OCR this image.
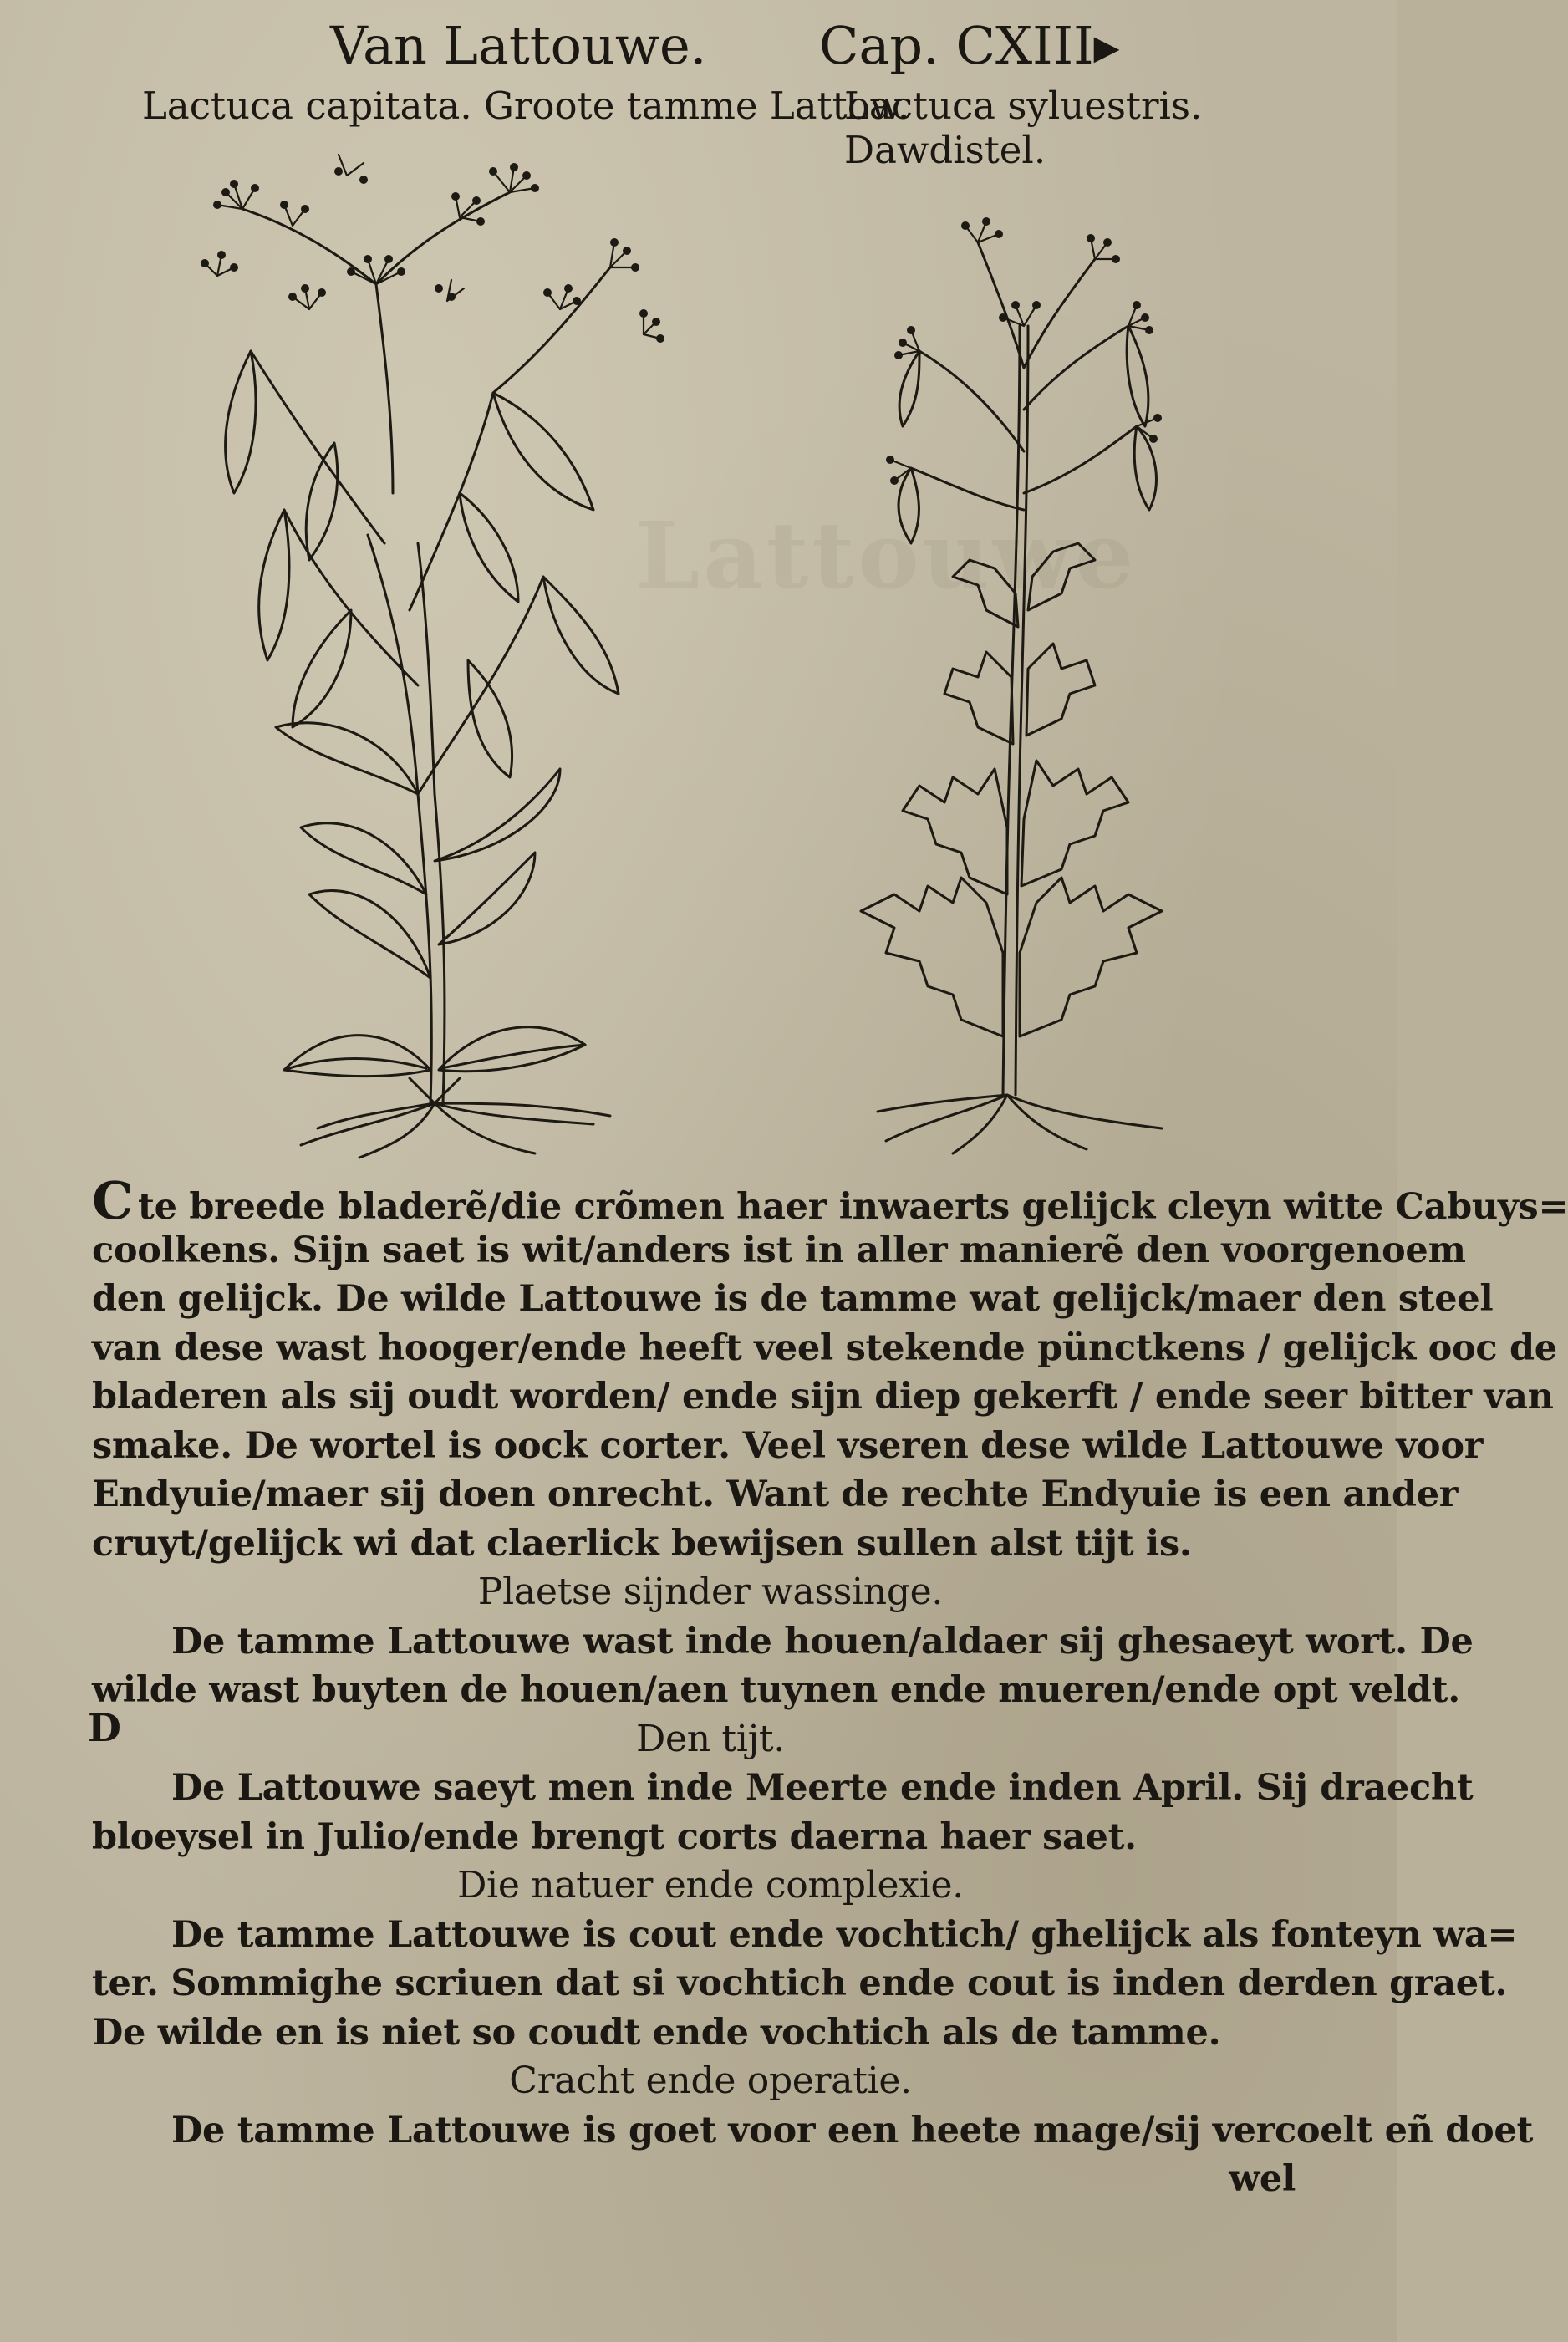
Lattouwe
Van Lattouwe. Cap. CXIII▸
Lactuca capitata. Groote tamme Lattow.
Lactuca syluestris. Dawdistel.
C te breede bladerẽ/die crõmen haer inwaerts gelijck cleyn witte Cabuys=
coolkens. Sijn saet is wit/anders ist in aller manierẽ den voorgenoem
den gelijck. De wilde Lattouwe is de tamme wat gelijck/maer den steel
van dese wast hooger/ende heeft veel stekende pünctkens / gelijck ooc de
bladeren als sij oudt worden/ ende sijn diep gekerft / ende seer bitter van
smake. De wortel is oock corter. Veel vseren dese wilde Lattouwe voor
Endyuie/maer sij doen onrecht. Want de rechte Endyuie is een ander
cruyt/gelijck wi dat claerlick bewijsen sullen alst tijt is.
Plaetse sijnder wassinge.
De tamme Lattouwe wast inde houen/aldaer sij ghesaeyt wort. De
wilde wast buyten de houen/aen tuynen ende mueren/ende opt veldt.
Den tijt.
De Lattouwe saeyt men inde Meerte ende inden April. Sij draecht
bloeysel in Julio/ende brengt corts daerna haer saet.
Die natuer ende complexie.
De tamme Lattouwe is cout ende vochtich/ ghelijck als fonteyn wa=
ter. Sommighe scriuen dat si vochtich ende cout is inden derden graet.
De wilde en is niet so coudt ende vochtich als de tamme.
Cracht ende operatie.
De tamme Lattouwe is goet voor een heete mage/sij vercoelt eñ doet
wel
D
